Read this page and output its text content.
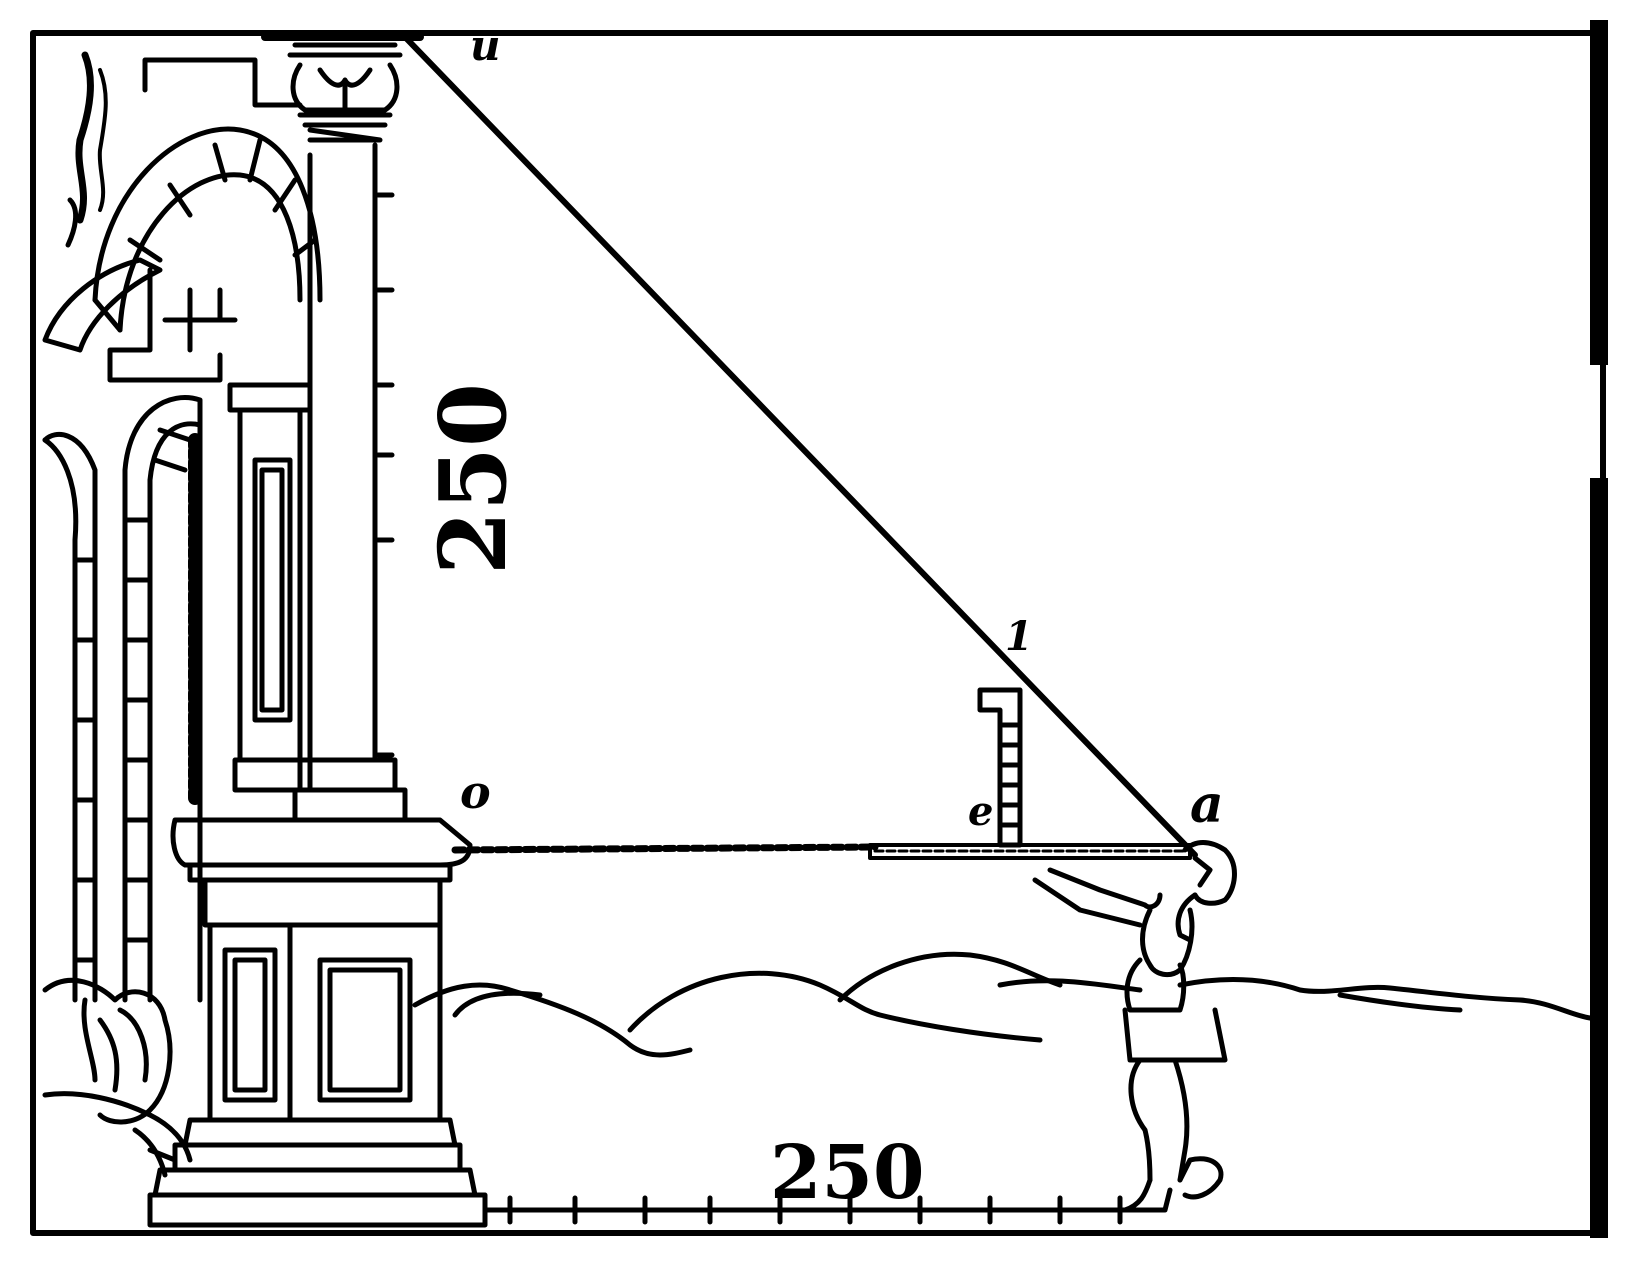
u
1
e	a
o
250
250
